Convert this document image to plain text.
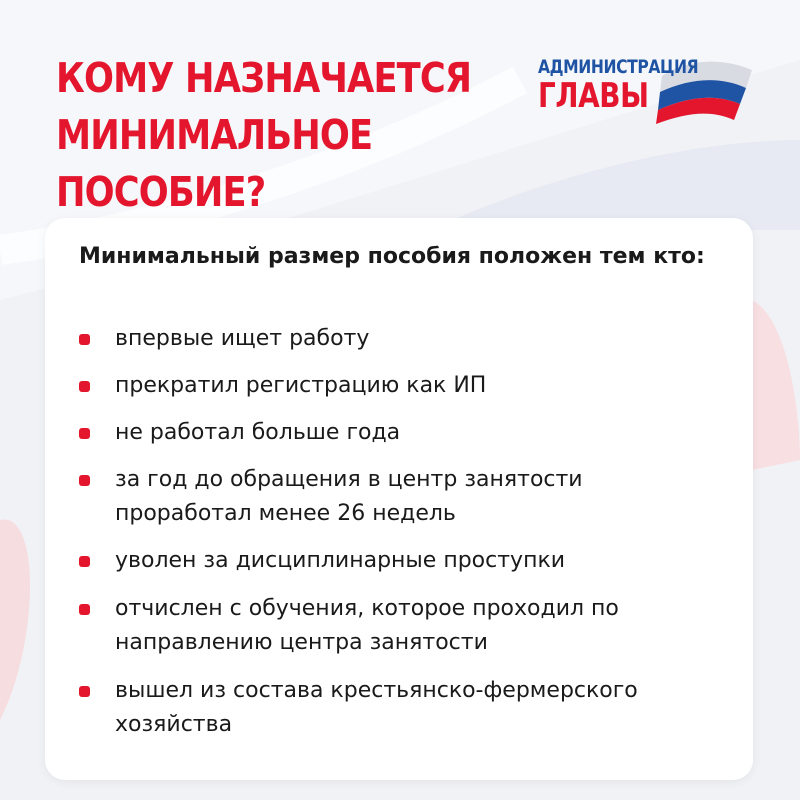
КОМУ НАЗНАЧАЕТСЯ
МИНИМАЛЬНОЕ
ПОСОБИЕ?
АДМИНИСТРАЦИЯ
ГЛАВЫ

Минимальный размер пособия положен тем кто:

впервые ищет работу
прекратил регистрацию как ИП
не работал больше года
за год до обращения в центр занятости проработал менее 26 недель
уволен за дисциплинарные проступки
отчислен с обучения, которое проходил по направлению центра занятости
вышел из состава крестьянско-фермерского хозяйства
